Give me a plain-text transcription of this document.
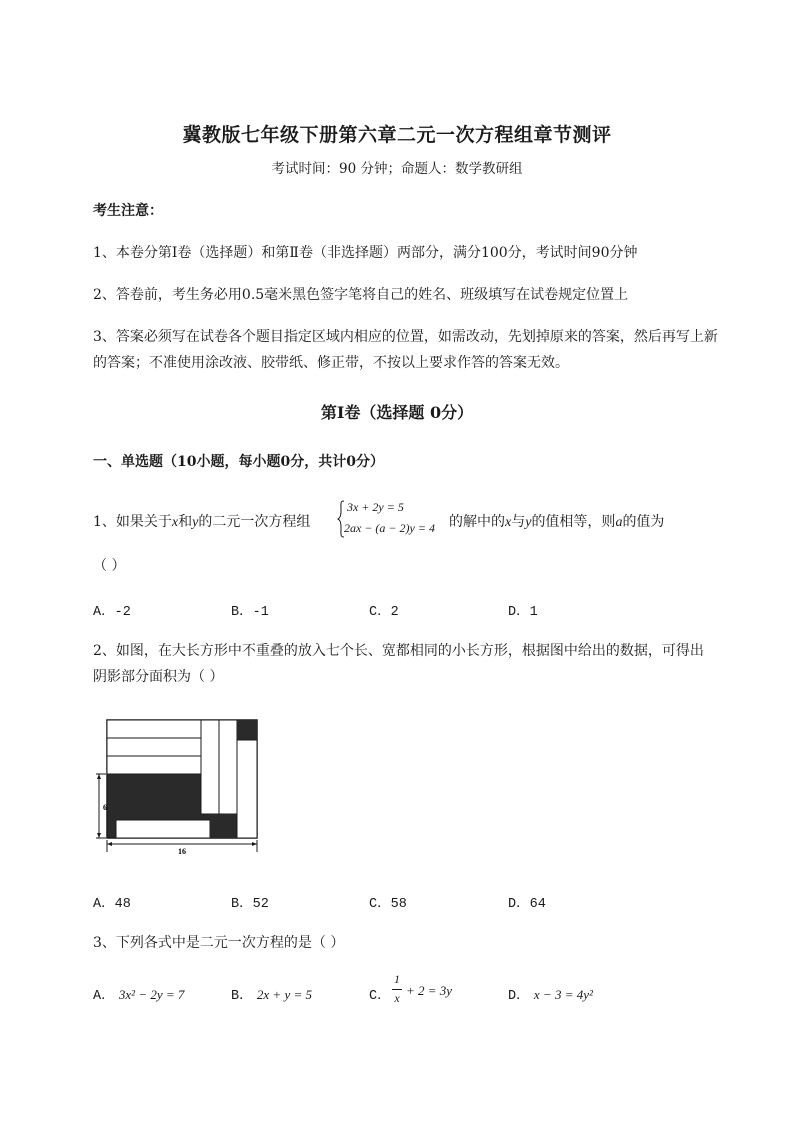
冀教版七年级下册第六章二元一次方程组章节测评
考试时间：90 分钟；命题人：数学教研组
考生注意：
1、本卷分第Ⅰ卷（选择题）和第Ⅱ卷（非选择题）两部分，满分100分，考试时间90分钟
2、答卷前，考生务必用0.5毫米黑色签字笔将自己的姓名、班级填写在试卷规定位置上
3、答案必须写在试卷各个题目指定区域内相应的位置，如需改动，先划掉原来的答案，然后再写上新
的答案；不准使用涂改液、胶带纸、修正带，不按以上要求作答的答案无效。
第Ⅰ卷（选择题 0分）
一、单选题（10小题，每小题0分，共计0分）
1、如果关于x和y的二元一次方程组
3x + 2y = 5
2ax − (a − 2)y = 4 的解中的x与y的值相等，则a的值为
（ ）
A．-2	B．-1	C．2	D．1
2、如图，在大长方形中不重叠的放入七个长、宽都相同的小长方形，根据图中给出的数据，可得出
阴影部分面积为（ ）
6
16
A．48	B．52	C．58	D．64
3、下列各式中是二元一次方程的是（ ）
A． 3x² − 2y = 7	B． 2x + y = 5	C．
1
x + 2 = 3y	D． x − 3 = 4y²
